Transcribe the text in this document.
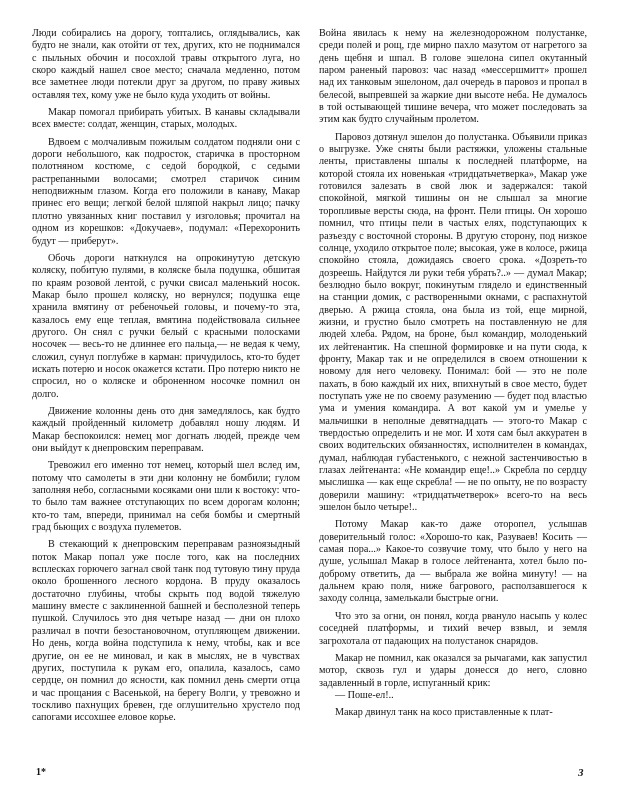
Люди собирались на дорогу, топтались, оглядывались, как будто не знали, как отойти от тех, других, кто не поднимался с пыльных обочин и посохлой травы открытого луга, но скоро каждый нашел свое место; сначала медленно, потом все заметнее люди потекли друг за другом, по праву живых оставляя тех, кому уже не было куда уходить от войны.

Макар помогал прибирать убитых. В канавы складывали всех вместе: солдат, женщин, старых, молодых.

Вдвоем с молчаливым пожилым солдатом подняли они с дороги небольшого, как подросток, старичка в просторном полотняном костюме, с седой бородкой, с седыми растрепанными волосами; смотрел старичок синим неподвижным глазом. Когда его положили в канаву, Макар принес его вещи; легкой белой шляпой накрыл лицо; пачку плотно увязанных книг поставил у изголовья; прочитал на одном из корешков: «Докучаев», подумал: «Перехоронить будут — приберут».

Обочь дороги наткнулся на опрокинутую детскую коляску, побитую пулями, в коляске была подушка, обшитая по краям розовой лентой, с ручки свисал маленький носок. Макар было прошел коляску, но вернулся; подушка еще хранила вмятину от ребеночьей головы, и почему-то эта, казалось ему еще теплая, вмятина подействовала сильнее другого. Он снял с ручки белый с красными полосками носочек — весь-то не длиннее его пальца,— не ведая к чему, сложил, сунул поглубже в карман: причудилось, кто-то будет искать потерю и носок окажется кстати. Про потерю никто не спросил, но о коляске и оброненном носочке помнил он долго.

Движение колонны день ото дня замедлялось, как будто каждый пройденный километр добавлял ношу людям. И Макар беспокоился: немец мог догнать людей, прежде чем они выйдут к днепровским переправам.

Тревожил его именно тот немец, который шел вслед им, потому что самолеты в эти дни колонну не бомбили; гулом заполняя небо, согласными косяками они шли к востоку: что-то было там важнее отступающих по всем дорогам колонн; кто-то там, впереди, принимал на себя бомбы и смертный град бьющих с воздуха пулеметов.

В стекающий к днепровским переправам разноязыдный поток Макар попал уже после того, как на последних всплесках горючего загнал свой танк под тутовую тину пруда около брошенного лесного кордона. В пруду оказалось достаточно глубины, чтобы скрыть под водой тяжелую машину вместе с заклиненной башней и бесполезной теперь пушкой. Случилось это дня четыре назад — дни он плохо различал в почти безостановочном, отупляющем движении. Но день, когда война подступила к нему, чтобы, как и все другие, он ее не миновал, и как в мыслях, не в чувствах других, поступила к рукам его, опалила, казалось, само сердце, он помнил до ясности, как помнил день смерти отца и час прощания с Васенькой, на берегу Волги, у тревожно и тоскливо пахнущих бревен, где оглушительно хрустело под сапогами иссохшее еловое корье.

Война явилась к нему на железнодорожном полустанке, среди полей и рощ, где мирно пахло мазутом от нагретого за день щебня и шпал. В голове эшелона сипел окутанный паром раненый паровоз: час назад «мессершмитт» прошел над их танковым эшелоном, дал очередь в паровоз и пропал в белесой, выпревшей за жаркие дни высоте неба. Не думалось в той остывающей тишине вечера, что может последовать за этим как будто случайным пролетом.

Паровоз дотянул эшелон до полустанка. Объявили приказ о выгрузке. Уже сняты были растяжки, уложены стальные ленты, приставлены шпалы к последней платформе, на которой стояла их новенькая «тридцатьчетверка», Макар уже готовился залезать в свой люк и задержался: такой спокойной, мягкой тишины он не слышал за многие торопливые версты сюда, на фронт. Пели птицы. Он хорошо помнил, что птицы пели в частых елях, подступающих к разъезду с восточной стороны. В другую сторону, под низкое солнце, уходило открытое поле; высокая, уже в колосе, ржица спокойно стояла, дожидаясь своего срока. «Дозреть-то дозреешь. Найдутся ли руки тебя убрать?..» — думал Макар; безлюдно было вокруг, покинутым глядело и единственный на станции домик, с растворенными окнами, с распахнутой дверью. А ржица стояла, она была из той, еще мирной, жизни, и грустно было смотреть на поставленную не для людей хлеба. Рядом, на броне, был командир, молоденький их лейтенантик. На спешной формировке и на пути сюда, к фронту, Макар так и не определился в своем отношении к новому для него человеку. Понимал: бой — это не поле пахать, в бою каждый их них, впихнутый в свое место, будет поступать уже не по своему разумению — будет под властью ума и умения командира. А вот какой ум и умелье у мальчишки в неполные девятнадцать — этого-то Макар с твердостью определить и не мог. И хотя сам был аккуратен в своих водительских обязанностях, исполнителен в командах, думал, наблюдая губастенького, с нежной застенчивостью в глазах лейтенанта: «Не командир еще!..» Скребла по сердцу мыслишка — как еще скребла! — не по опыту, не по возрасту доверили машину: «тридцатьчетверок» всего-то на весь эшелон было четыре!..

Потому Макар как-то даже оторопел, услышав доверительный голос: «Хорошо-то как, Разуваев! Косить — самая пора...» Какое-то созвучие тому, что было у него на душе, услышал Макар в голосе лейтенанта, хотел было по-доброму ответить, да — выбрала же война минуту! — на дальнем краю поля, ниже багрового, расползавшегося к заходу солнца, замелькали быстрые огни.

Что это за огни, он понял, когда рвануло насыпь у колес соседней платформы, и тихий вечер взвыл, и земля загрохотала от падающих на полустанок снарядов.

Макар не помнил, как оказался за рычагами, как запустил мотор, сквозь гул и удары донесся до него, словно задавленный в горле, испуганный крик:

— Поше-ел!..

Макар двинул танк на косо приставленные к плат-

1*	3
